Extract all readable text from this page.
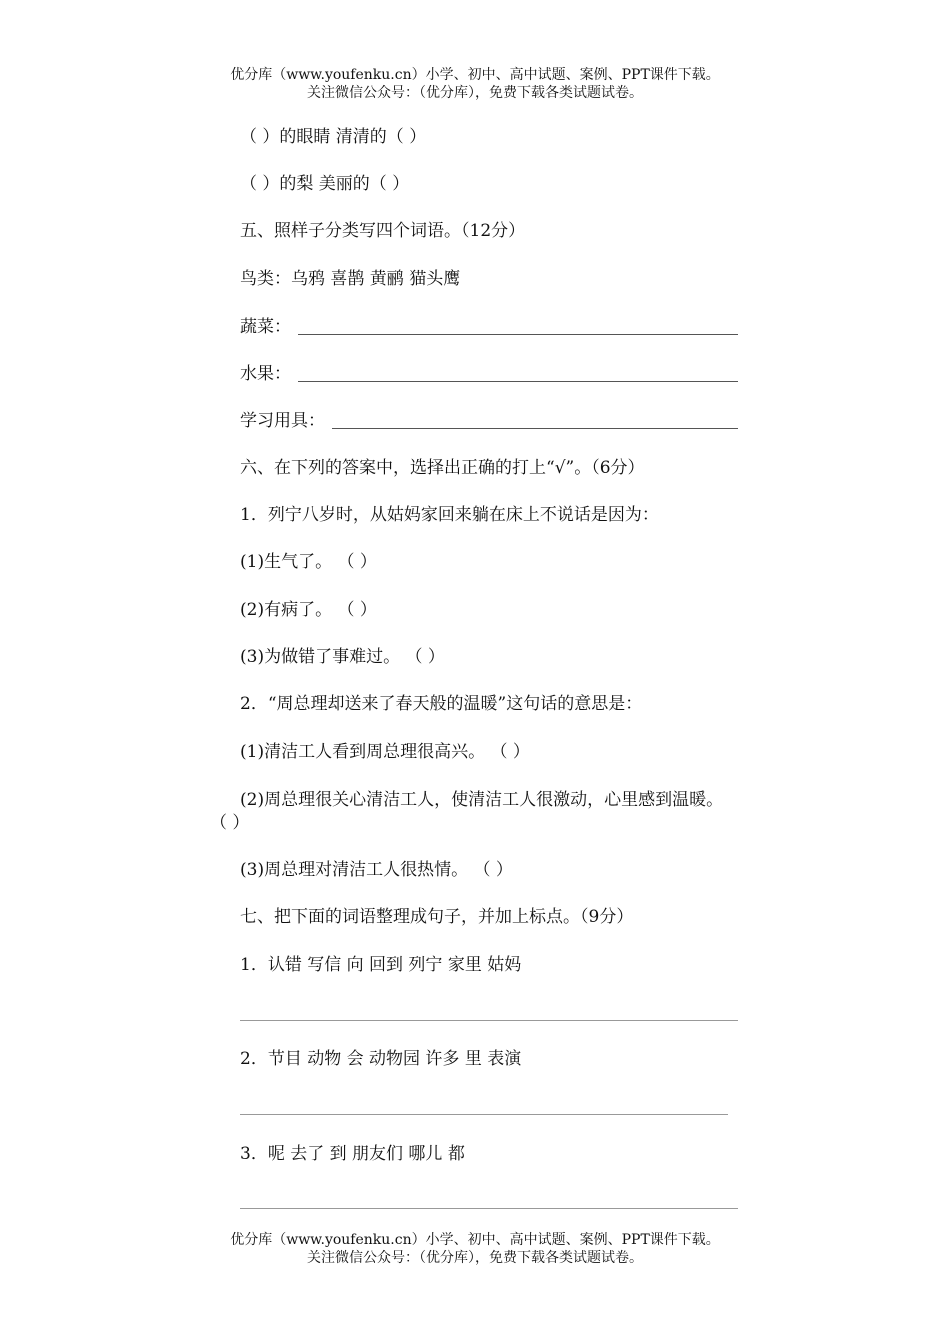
优分库（www.youfenku.cn）小学、初中、高中试题、案例、PPT课件下载。
关注微信公众号：（优分库），免费下载各类试题试卷。
（ ）的眼睛 清清的（ ）
（ ）的梨 美丽的（ ）
五、照样子分类写四个词语。（12分）
鸟类：乌鸦 喜鹊 黄鹂 猫头鹰
蔬菜：
水果：
学习用具：
六、在下列的答案中，选择出正确的打上“√”。（6分）
1．列宁八岁时，从姑妈家回来躺在床上不说话是因为：
(1)生气了。 （ ）
(2)有病了。 （ ）
(3)为做错了事难过。 （ ）
2．“周总理却送来了春天般的温暖”这句话的意思是：
(1)清洁工人看到周总理很高兴。 （ ）
(2)周总理很关心清洁工人，使清洁工人很激动，心里感到温暖。
（ ）
(3)周总理对清洁工人很热情。 （ ）
七、把下面的词语整理成句子，并加上标点。（9分）
1．认错 写信 向 回到 列宁 家里 姑妈
2．节目 动物 会 动物园 许多 里 表演
3．呢 去了 到 朋友们 哪儿 都
优分库（www.youfenku.cn）小学、初中、高中试题、案例、PPT课件下载。
关注微信公众号：（优分库），免费下载各类试题试卷。
